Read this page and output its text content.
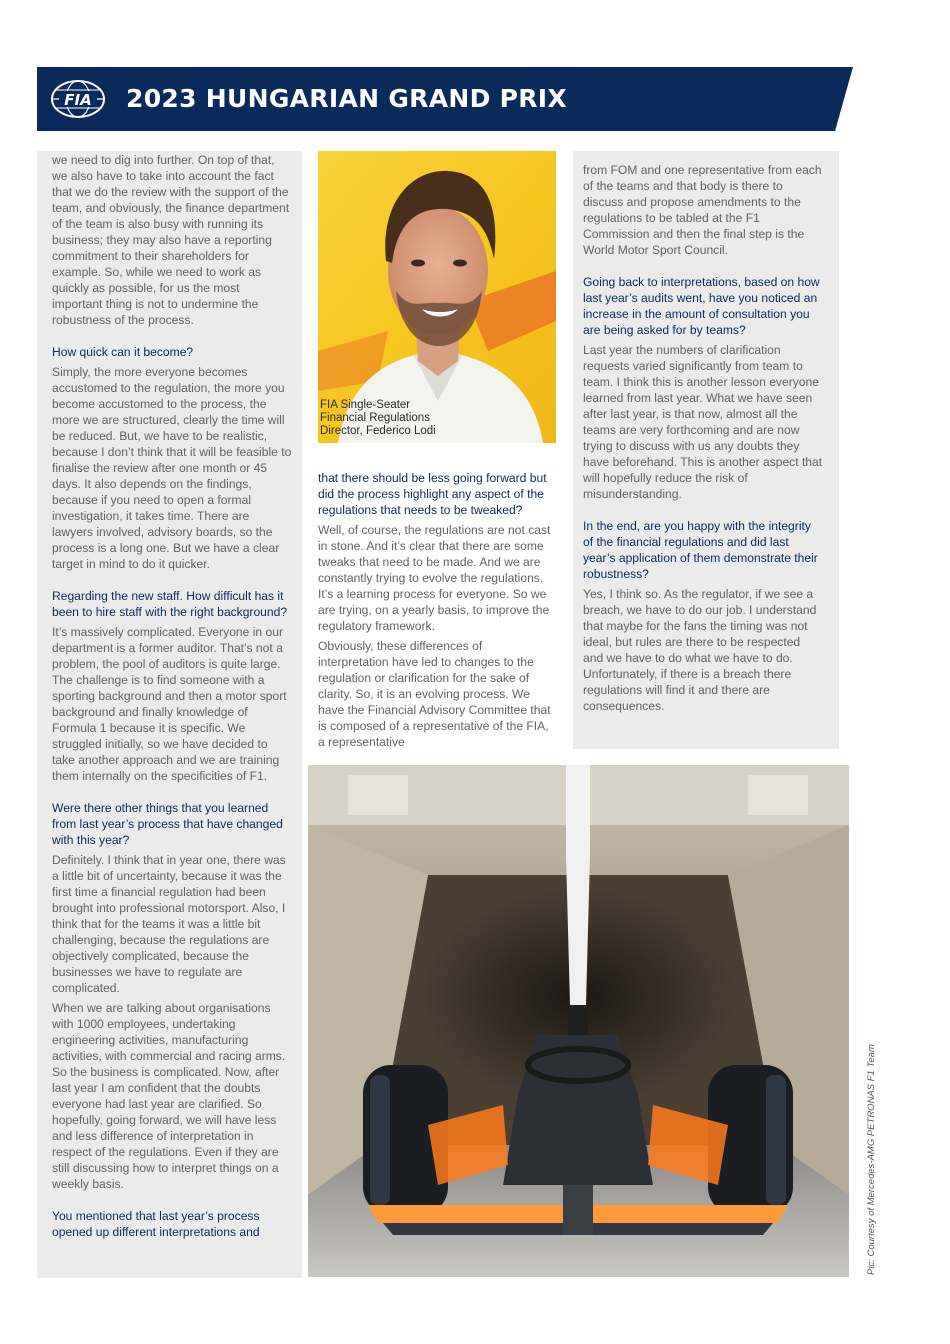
FIA 2023 HUNGARIAN GRAND PRIX

we need to dig into further. On top of that, we also have to take into account the fact that we do the review with the support of the team, and obviously, the finance department of the team is also busy with running its business; they may also have a reporting commitment to their shareholders for example. So, while we need to work as quickly as possible, for us the most important thing is not to undermine the robustness of the process.

How quick can it become?

Simply, the more everyone becomes accustomed to the regulation, the more you become accustomed to the process, the more we are structured, clearly the time will be reduced. But, we have to be realistic, because I don’t think that it will be feasible to finalise the review after one month or 45 days. It also depends on the findings, because if you need to open a formal investigation, it takes time. There are lawyers involved, advisory boards, so the process is a long one. But we have a clear target in mind to do it quicker.

Regarding the new staff. How difficult has it been to hire staff with the right background?

It’s massively complicated. Everyone in our department is a former auditor. That’s not a problem, the pool of auditors is quite large. The challenge is to find someone with a sporting background and then a motor sport background and finally knowledge of Formula 1 because it is specific. We struggled initially, so we have decided to take another approach and we are training them internally on the specificities of F1.

Were there other things that you learned from last year’s process that have changed with this year?

Definitely. I think that in year one, there was a little bit of uncertainty, because it was the first time a financial regulation had been brought into professional motorsport. Also, I think that for the teams it was a little bit challenging, because the regulations are objectively complicated, because the businesses we have to regulate are complicated.

When we are talking about organisations with 1000 employees, undertaking engineering activities, manufacturing activities, with commercial and racing arms. So the business is complicated. Now, after last year I am confident that the doubts everyone had last year are clarified. So hopefully, going forward, we will have less and less difference of interpretation in respect of the regulations. Even if they are still discussing how to interpret things on a weekly basis.

You mentioned that last year’s process opened up different interpretations and
FIA Single-Seater Financial Regulations Director, Federico Lodi
that there should be less going forward but did the process highlight any aspect of the regulations that needs to be tweaked?

Well, of course, the regulations are not cast in stone. And it’s clear that there are some tweaks that need to be made. And we are constantly trying to evolve the regulations. It’s a learning process for everyone. So we are trying, on a yearly basis, to improve the regulatory framework.

Obviously, these differences of interpretation have led to changes to the regulation or clarification for the sake of clarity. So, it is an evolving process. We have the Financial Advisory Committee that is composed of a representative of the FIA, a representative

from FOM and one representative from each of the teams and that body is there to discuss and propose amendments to the regulations to be tabled at the F1 Commission and then the final step is the World Motor Sport Council.

Going back to interpretations, based on how last year’s audits went, have you noticed an increase in the amount of consultation you are being asked for by teams?

Last year the numbers of clarification requests varied significantly from team to team. I think this is another lesson everyone learned from last year. What we have seen after last year, is that now, almost all the teams are very forthcoming and are now trying to discuss with us any doubts they have beforehand. This is another aspect that will hopefully reduce the risk of misunderstanding.

In the end, are you happy with the integrity of the financial regulations and did last year’s application of them demonstrate their robustness?

Yes, I think so. As the regulator, if we see a breach, we have to do our job. I understand that maybe for the fans the timing was not ideal, but rules are there to be respected and we have to do what we have to do. Unfortunately, if there is a breach there regulations will find it and there are consequences.

Pic: Courtesy of Mercedes-AMG PETRONAS F1 Team
